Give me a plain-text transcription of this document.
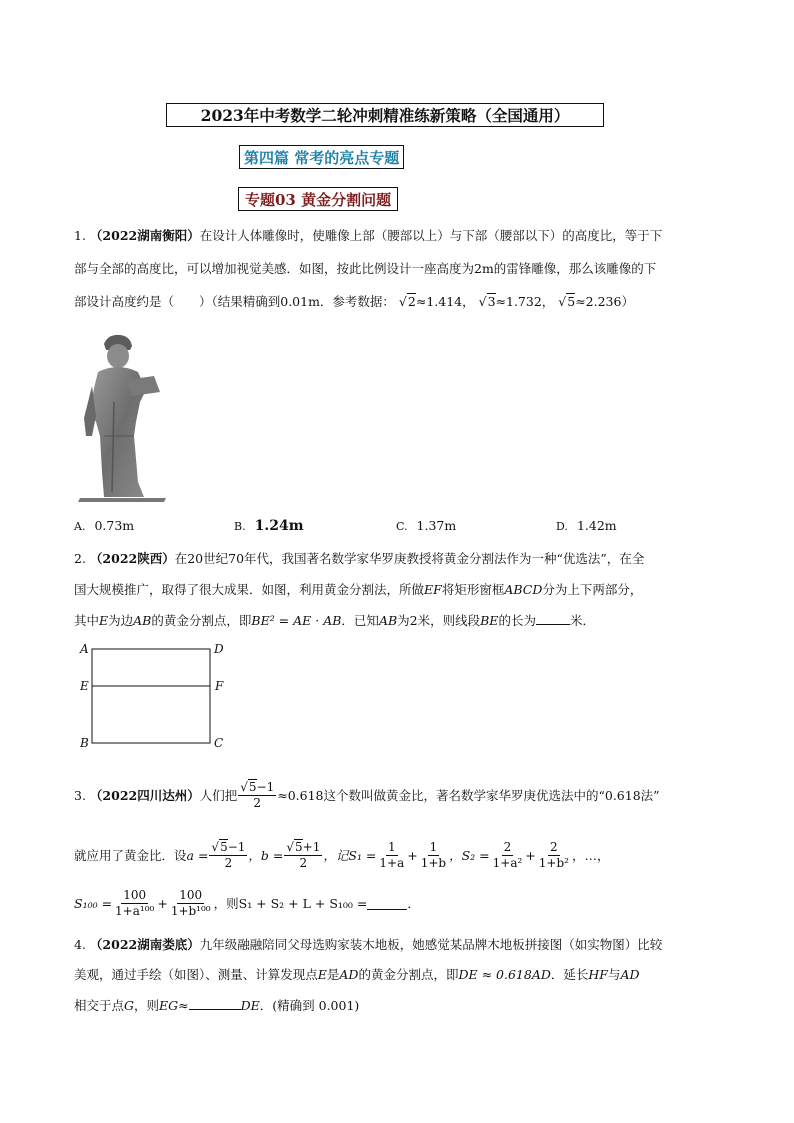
2023年中考数学二轮冲刺精准练新策略（全国通用）
第四篇 常考的亮点专题
专题03 黄金分割问题
1. （2022湖南衡阳）在设计人体雕像时，使雕像上部（腰部以上）与下部（腰部以下）的高度比，等于下
部与全部的高度比，可以增加视觉美感．如图，按此比例设计一座高度为2m的雷锋雕像，那么该雕像的下
部设计高度约是（　　）（结果精确到0.01m．参考数据： √2≈1.414， √3≈1.732， √5≈2.236）
A. 0.73m	B. 1.24m	C. 1.37m	D. 1.42m
2. （2022陕西）在20世纪70年代，我国著名数学家华罗庚教授将黄金分割法作为一种“优选法”，在全
国大规模推广，取得了很大成果．如图，利用黄金分割法，所做EF将矩形窗框ABCD分为上下两部分，
其中E为边AB的黄金分割点，即BE² = AE · AB．已知AB为2米，则线段BE的长为	米．
A	D
E	F
B	C
3.
（2022四川达州） 人们把 $\frac{√5-1}{2} \approx 0.618$这个数叫做黄金比，著名数学家华罗庚优选法中的“0.618法”
就应用了黄金比．设 $a = \frac{√5-1}{2}$ ，$b = \frac{√5+1}{2}$ ，记$S_1 = \frac{1}{1+a} + \frac{1}{1+b}$ ，$S_2 = \frac{2}{\text{1+a²}} + \frac{2}{\text{1+b²}}$ ，…，
$S_{100} = \frac{100}{\text{1+a¹⁰⁰}} + \frac{100}{\text{1+b¹⁰⁰}}$ ，则S₁ + S₂ + L + S₁₀₀ =	．
4. （2022湖南娄底）九年级融融陪同父母选购家装木地板，她感觉某品牌木地板拼接图（如实物图）比较
美观，通过手绘（如图）、测量、计算发现点E是AD的黄金分割点，即DE ≈ 0.618AD．延长HF与AD
相交于点G，则EG≈	DE．(精确到 0.001)
